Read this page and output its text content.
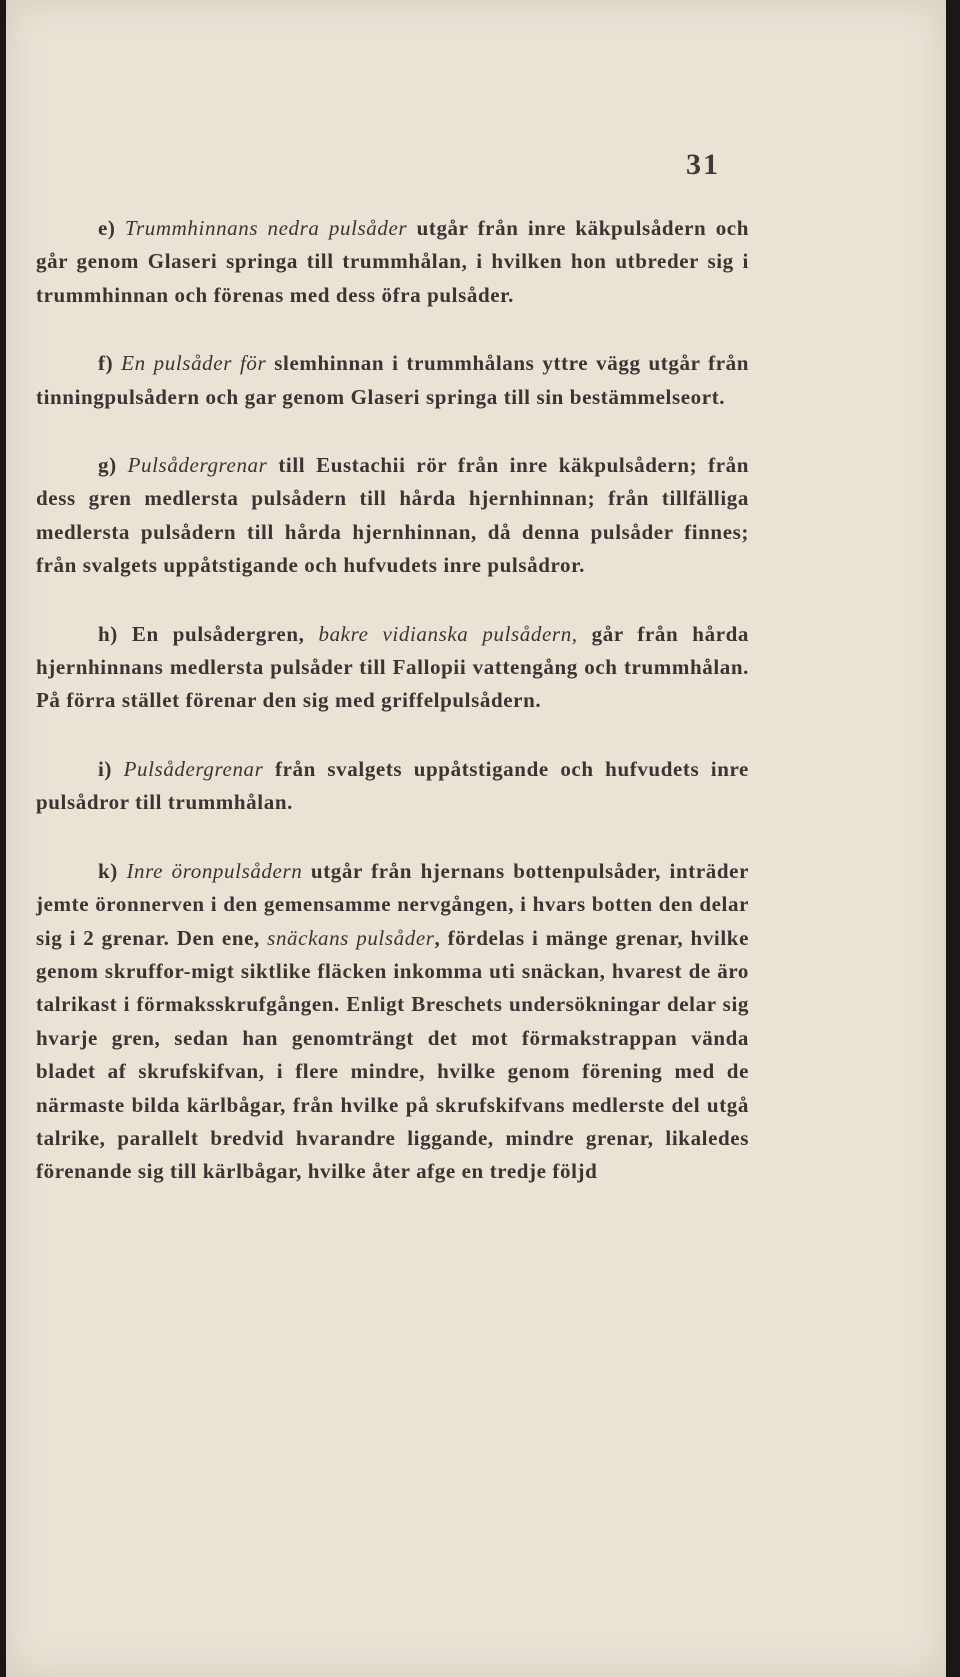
31

e) Trummhinnans nedra pulsåder utgår från inre käkpulsådern och går genom Glaseri springa till trummhålan, i hvilken hon utbreder sig i trummhinnan och förenas med dess öfra pulsåder.

f) En pulsåder för slemhinnan i trummhålans yttre vägg utgår från tinningpulsådern och gar genom Glaseri springa till sin bestämmelseort.

g) Pulsådergrenar till Eustachii rör från inre käkpulsådern; från dess gren medlersta pulsådern till hårda hjernhinnan; från tillfälliga medlersta pulsådern till hårda hjernhinnan, då denna pulsåder finnes; från svalgets uppåtstigande och hufvudets inre pulsådror.

h) En pulsådergren, bakre vidianska pulsådern, går från hårda hjernhinnans medlersta pulsåder till Fallopii vattengång och trummhålan. På förra stället förenar den sig med griffelpulsådern.

i) Pulsådergrenar från svalgets uppåtstigande och hufvudets inre pulsådror till trummhålan.

k) Inre öronpulsådern utgår från hjernans bottenpulsåder, inträder jemte öronnerven i den gemensamme nervgången, i hvars botten den delar sig i 2 grenar. Den ene, snäckans pulsåder, fördelas i mänge grenar, hvilke genom skruffor-migt siktlike fläcken inkomma uti snäckan, hvarest de äro talrikast i förmaksskrufgången. Enligt Breschets undersökningar delar sig hvarje gren, sedan han genomträngt det mot förmakstrappan vända bladet af skrufskifvan, i flere mindre, hvilke genom förening med de närmaste bilda kärlbågar, från hvilke på skrufskifvans medlerste del utgå talrike, parallelt bredvid hvarandre liggande, mindre grenar, likaledes förenande sig till kärlbågar, hvilke åter afge en tredje följd
